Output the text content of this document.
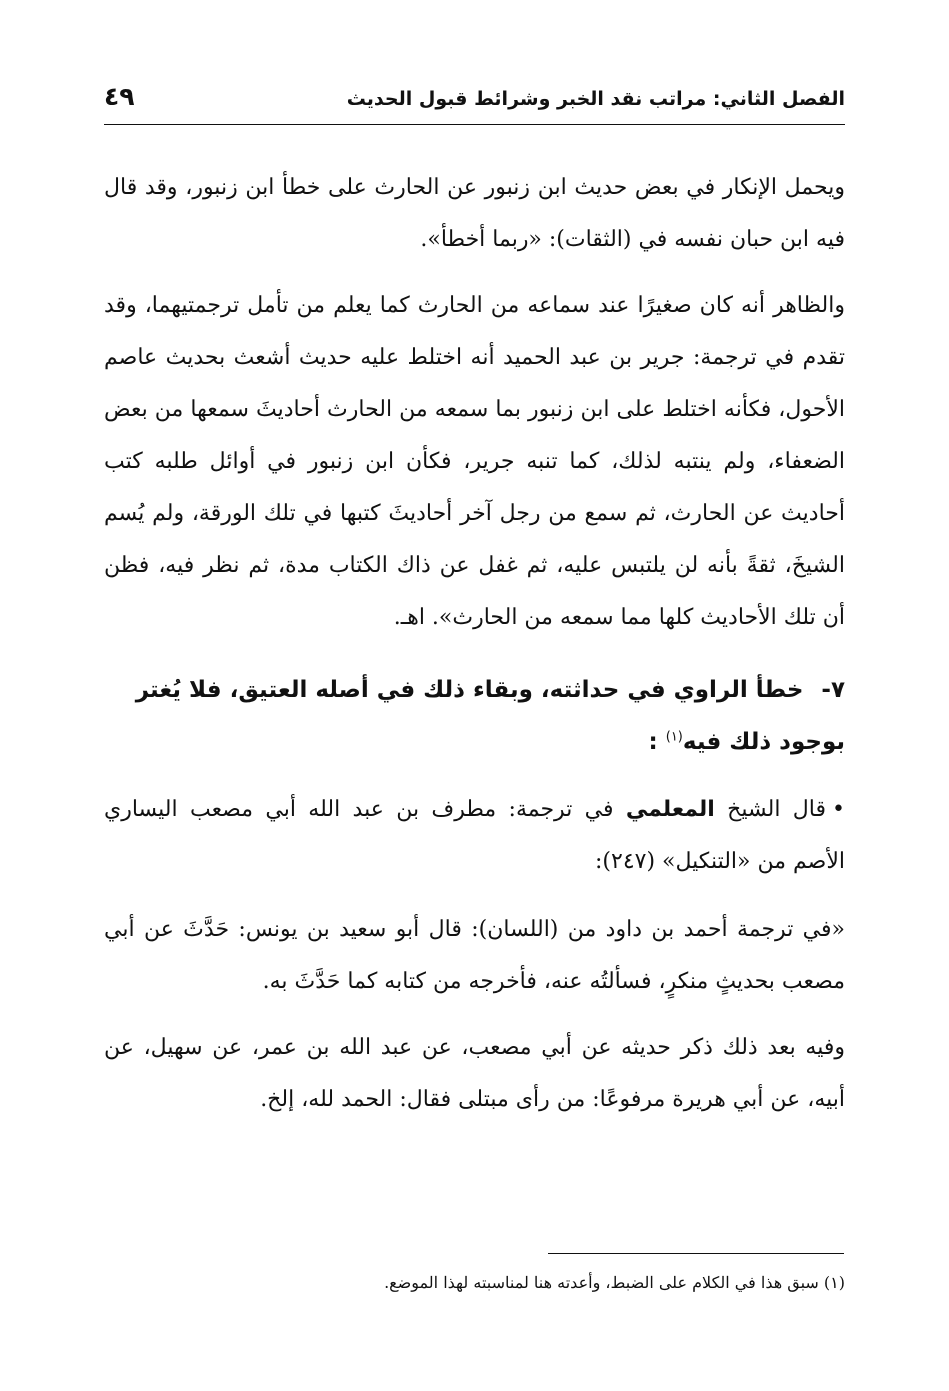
الفصل الثاني: مراتب نقد الخبر وشرائط قبول الحديث
٤٩

ويحمل الإنكار في بعض حديث ابن زنبور عن الحارث على خطأ ابن زنبور، وقد قال فيه ابن حبان نفسه في (الثقات): «ربما أخطأ».

والظاهر أنه كان صغيرًا عند سماعه من الحارث كما يعلم من تأمل ترجمتيهما، وقد تقدم في ترجمة: جرير بن عبد الحميد أنه اختلط عليه حديث أشعث بحديث عاصم الأحول، فكأنه اختلط على ابن زنبور بما سمعه من الحارث أحاديثَ سمعها من بعض الضعفاء، ولم ينتبه لذلك، كما تنبه جرير، فكأن ابن زنبور في أوائل طلبه كتب أحاديث عن الحارث، ثم سمع من رجل آخر أحاديثَ كتبها في تلك الورقة، ولم يُسم الشيخَ، ثقةً بأنه لن يلتبس عليه، ثم غفل عن ذاك الكتاب مدة، ثم نظر فيه، فظن أن تلك الأحاديث كلها مما سمعه من الحارث». اهـ.

٧-خطأ الراوي في حداثته، وبقاء ذلك في أصله العتيق، فلا يُغتر بوجود ذلك فيه$^{(١)}$ :

•قال الشيخ المعلمي في ترجمة: مطرف بن عبد الله أبي مصعب اليساري الأصم من «التنكيل» (٢٤٧):

«في ترجمة أحمد بن داود من (اللسان): قال أبو سعيد بن يونس: حَدَّثَ عن أبي مصعب بحديثٍ منكرٍ، فسألتُه عنه، فأخرجه من كتابه كما حَدَّثَ به.

وفيه بعد ذلك ذكر حديثه عن أبي مصعب، عن عبد الله بن عمر، عن سهيل، عن أبيه، عن أبي هريرة مرفوعًا: من رأى مبتلى فقال: الحمد لله، إلخ.

(١) سبق هذا في الكلام على الضبط، وأعدته هنا لمناسبته لهذا الموضع.
